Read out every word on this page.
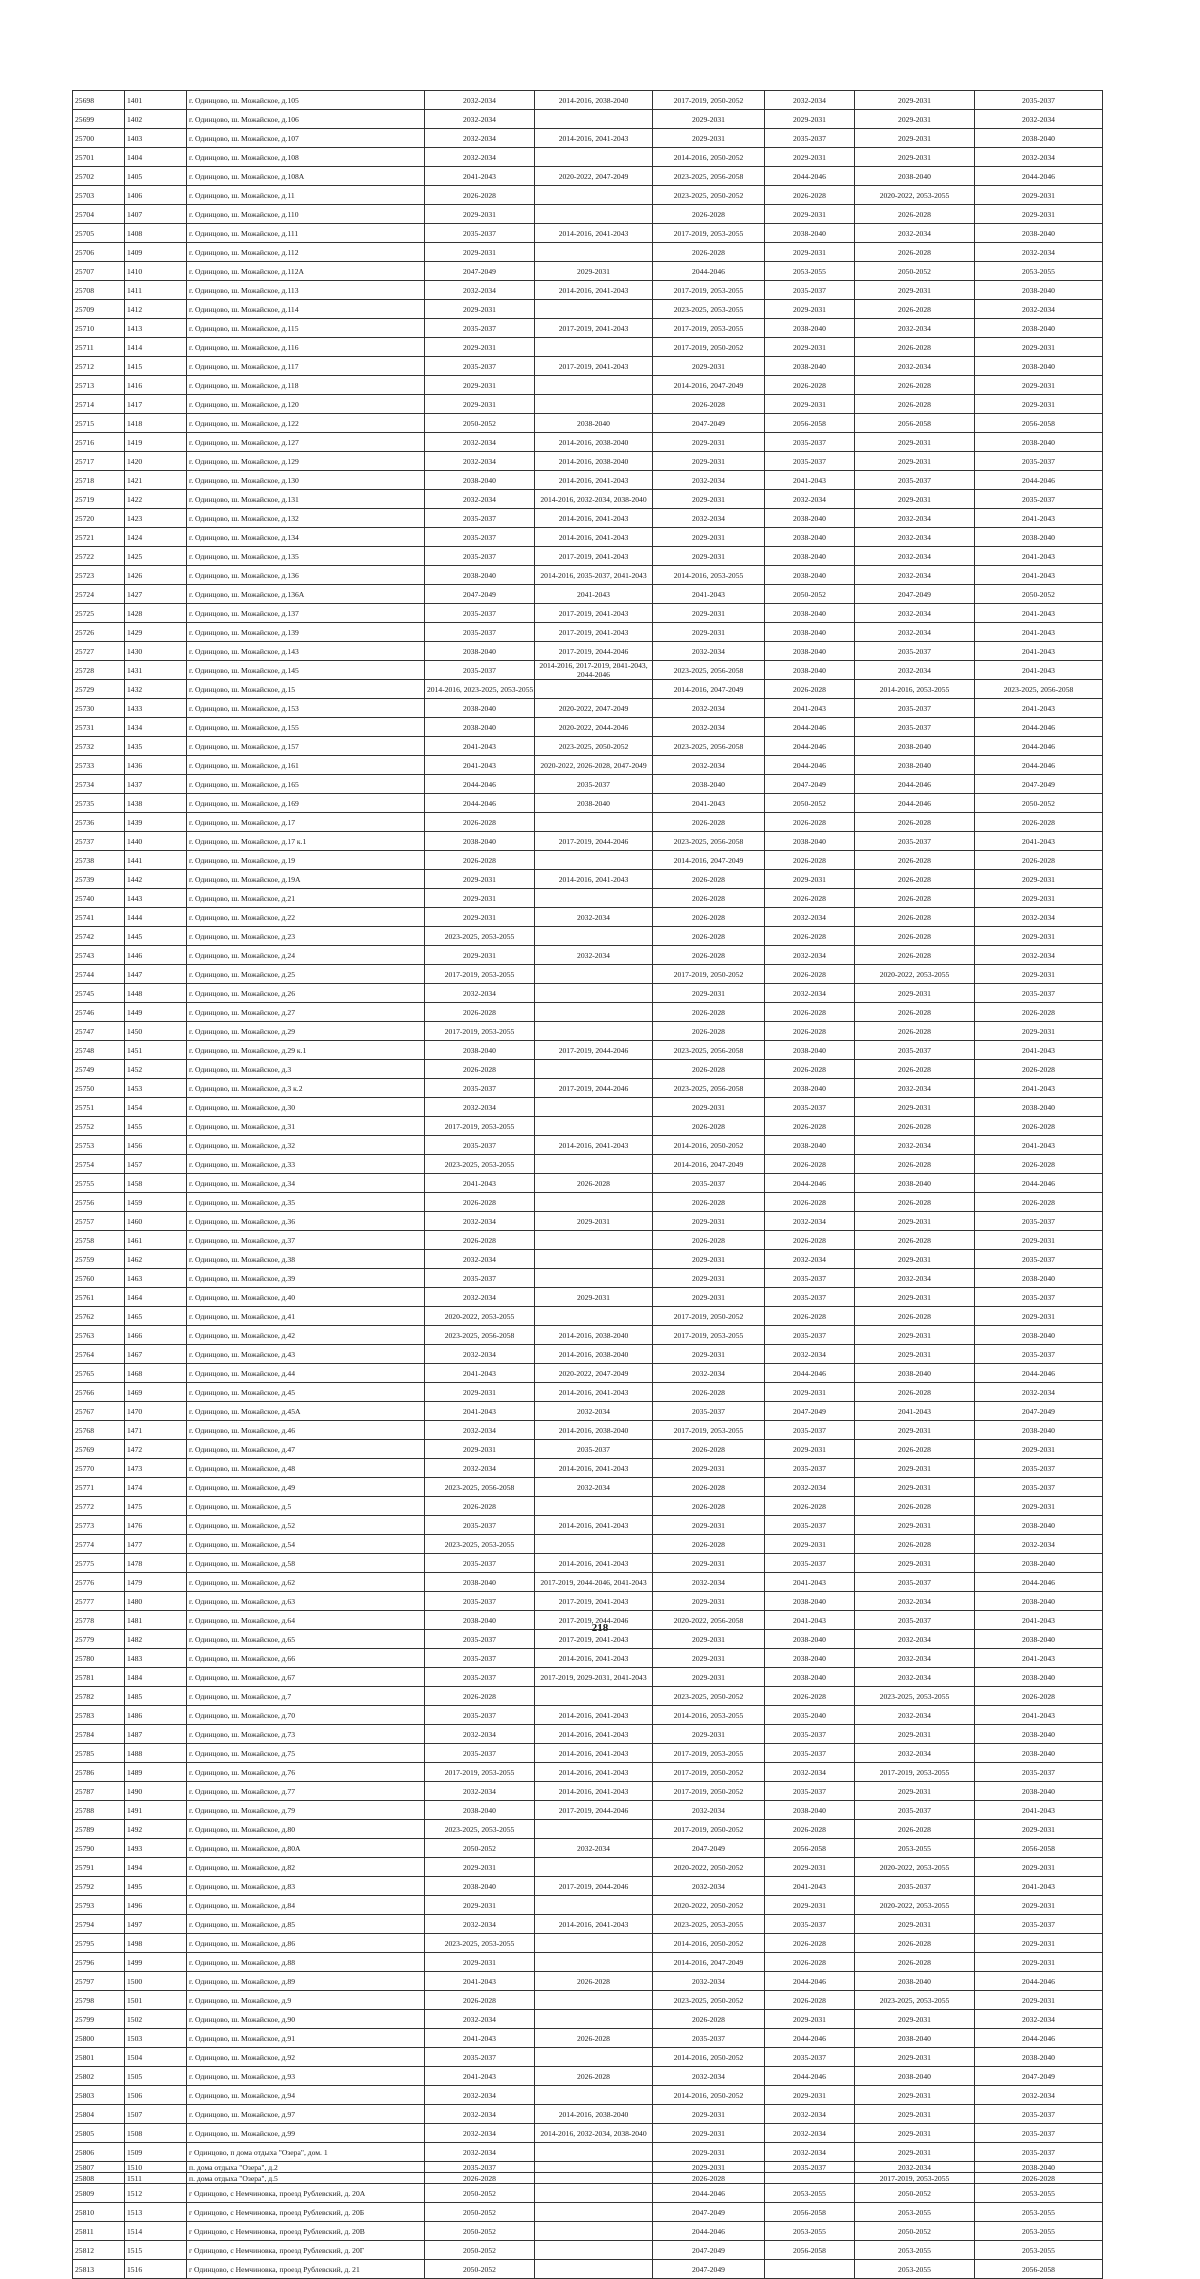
25698	1401	г. Одинцово, ш. Можайское, д.105	2032-2034	2014-2016, 2038-2040	2017-2019, 2050-2052	2032-2034	2029-2031	2035-2037
25699	1402	г. Одинцово, ш. Можайское, д.106	2032-2034		2029-2031	2029-2031	2029-2031	2032-2034
25700	1403	г. Одинцово, ш. Можайское, д.107	2032-2034	2014-2016, 2041-2043	2029-2031	2035-2037	2029-2031	2038-2040
25701	1404	г. Одинцово, ш. Можайское, д.108	2032-2034		2014-2016, 2050-2052	2029-2031	2029-2031	2032-2034
25702	1405	г. Одинцово, ш. Можайское, д.108А	2041-2043	2020-2022, 2047-2049	2023-2025, 2056-2058	2044-2046	2038-2040	2044-2046
25703	1406	г. Одинцово, ш. Можайское, д.11	2026-2028		2023-2025, 2050-2052	2026-2028	2020-2022, 2053-2055	2029-2031
25704	1407	г. Одинцово, ш. Можайское, д.110	2029-2031		2026-2028	2029-2031	2026-2028	2029-2031
25705	1408	г. Одинцово, ш. Можайское, д.111	2035-2037	2014-2016, 2041-2043	2017-2019, 2053-2055	2038-2040	2032-2034	2038-2040
25706	1409	г. Одинцово, ш. Можайское, д.112	2029-2031		2026-2028	2029-2031	2026-2028	2032-2034
25707	1410	г. Одинцово, ш. Можайское, д.112А	2047-2049	2029-2031	2044-2046	2053-2055	2050-2052	2053-2055
25708	1411	г. Одинцово, ш. Можайское, д.113	2032-2034	2014-2016, 2041-2043	2017-2019, 2053-2055	2035-2037	2029-2031	2038-2040
25709	1412	г. Одинцово, ш. Можайское, д.114	2029-2031		2023-2025, 2053-2055	2029-2031	2026-2028	2032-2034
25710	1413	г. Одинцово, ш. Можайское, д.115	2035-2037	2017-2019, 2041-2043	2017-2019, 2053-2055	2038-2040	2032-2034	2038-2040
25711	1414	г. Одинцово, ш. Можайское, д.116	2029-2031		2017-2019, 2050-2052	2029-2031	2026-2028	2029-2031
25712	1415	г. Одинцово, ш. Можайское, д.117	2035-2037	2017-2019, 2041-2043	2029-2031	2038-2040	2032-2034	2038-2040
25713	1416	г. Одинцово, ш. Можайское, д.118	2029-2031		2014-2016, 2047-2049	2026-2028	2026-2028	2029-2031
25714	1417	г. Одинцово, ш. Можайское, д.120	2029-2031		2026-2028	2029-2031	2026-2028	2029-2031
25715	1418	г. Одинцово, ш. Можайское, д.122	2050-2052	2038-2040	2047-2049	2056-2058	2056-2058	2056-2058
25716	1419	г. Одинцово, ш. Можайское, д.127	2032-2034	2014-2016, 2038-2040	2029-2031	2035-2037	2029-2031	2038-2040
25717	1420	г. Одинцово, ш. Можайское, д.129	2032-2034	2014-2016, 2038-2040	2029-2031	2035-2037	2029-2031	2035-2037
25718	1421	г. Одинцово, ш. Можайское, д.130	2038-2040	2014-2016, 2041-2043	2032-2034	2041-2043	2035-2037	2044-2046
25719	1422	г. Одинцово, ш. Можайское, д.131	2032-2034	2014-2016, 2032-2034, 2038-2040	2029-2031	2032-2034	2029-2031	2035-2037
25720	1423	г. Одинцово, ш. Можайское, д.132	2035-2037	2014-2016, 2041-2043	2032-2034	2038-2040	2032-2034	2041-2043
25721	1424	г. Одинцово, ш. Можайское, д.134	2035-2037	2014-2016, 2041-2043	2029-2031	2038-2040	2032-2034	2038-2040
25722	1425	г. Одинцово, ш. Можайское, д.135	2035-2037	2017-2019, 2041-2043	2029-2031	2038-2040	2032-2034	2041-2043
25723	1426	г. Одинцово, ш. Можайское, д.136	2038-2040	2014-2016, 2035-2037, 2041-2043	2014-2016, 2053-2055	2038-2040	2032-2034	2041-2043
25724	1427	г. Одинцово, ш. Можайское, д.136А	2047-2049	2041-2043	2041-2043	2050-2052	2047-2049	2050-2052
25725	1428	г. Одинцово, ш. Можайское, д.137	2035-2037	2017-2019, 2041-2043	2029-2031	2038-2040	2032-2034	2041-2043
25726	1429	г. Одинцово, ш. Можайское, д.139	2035-2037	2017-2019, 2041-2043	2029-2031	2038-2040	2032-2034	2041-2043
25727	1430	г. Одинцово, ш. Можайское, д.143	2038-2040	2017-2019, 2044-2046	2032-2034	2038-2040	2035-2037	2041-2043
25728	1431	г. Одинцово, ш. Можайское, д.145	2035-2037	2014-2016, 2017-2019, 2041-2043, 2044-2046	2023-2025, 2056-2058	2038-2040	2032-2034	2041-2043
25729	1432	г. Одинцово, ш. Можайское, д.15	2014-2016, 2023-2025, 2053-2055		2014-2016, 2047-2049	2026-2028	2014-2016, 2053-2055	2023-2025, 2056-2058
25730	1433	г. Одинцово, ш. Можайское, д.153	2038-2040	2020-2022, 2047-2049	2032-2034	2041-2043	2035-2037	2041-2043
25731	1434	г. Одинцово, ш. Можайское, д.155	2038-2040	2020-2022, 2044-2046	2032-2034	2044-2046	2035-2037	2044-2046
25732	1435	г. Одинцово, ш. Можайское, д.157	2041-2043	2023-2025, 2050-2052	2023-2025, 2056-2058	2044-2046	2038-2040	2044-2046
25733	1436	г. Одинцово, ш. Можайское, д.161	2041-2043	2020-2022, 2026-2028, 2047-2049	2032-2034	2044-2046	2038-2040	2044-2046
25734	1437	г. Одинцово, ш. Можайское, д.165	2044-2046	2035-2037	2038-2040	2047-2049	2044-2046	2047-2049
25735	1438	г. Одинцово, ш. Можайское, д.169	2044-2046	2038-2040	2041-2043	2050-2052	2044-2046	2050-2052
25736	1439	г. Одинцово, ш. Можайское, д.17	2026-2028		2026-2028	2026-2028	2026-2028	2026-2028
25737	1440	г. Одинцово, ш. Можайское, д.17 к.1	2038-2040	2017-2019, 2044-2046	2023-2025, 2056-2058	2038-2040	2035-2037	2041-2043
25738	1441	г. Одинцово, ш. Можайское, д.19	2026-2028		2014-2016, 2047-2049	2026-2028	2026-2028	2026-2028
25739	1442	г. Одинцово, ш. Можайское, д.19А	2029-2031	2014-2016, 2041-2043	2026-2028	2029-2031	2026-2028	2029-2031
25740	1443	г. Одинцово, ш. Можайское, д.21	2029-2031		2026-2028	2026-2028	2026-2028	2029-2031
25741	1444	г. Одинцово, ш. Можайское, д.22	2029-2031	2032-2034	2026-2028	2032-2034	2026-2028	2032-2034
25742	1445	г. Одинцово, ш. Можайское, д.23	2023-2025, 2053-2055		2026-2028	2026-2028	2026-2028	2029-2031
25743	1446	г. Одинцово, ш. Можайское, д.24	2029-2031	2032-2034	2026-2028	2032-2034	2026-2028	2032-2034
25744	1447	г. Одинцово, ш. Можайское, д.25	2017-2019, 2053-2055		2017-2019, 2050-2052	2026-2028	2020-2022, 2053-2055	2029-2031
25745	1448	г. Одинцово, ш. Можайское, д.26	2032-2034		2029-2031	2032-2034	2029-2031	2035-2037
25746	1449	г. Одинцово, ш. Можайское, д.27	2026-2028		2026-2028	2026-2028	2026-2028	2026-2028
25747	1450	г. Одинцово, ш. Можайское, д.29	2017-2019, 2053-2055		2026-2028	2026-2028	2026-2028	2029-2031
25748	1451	г. Одинцово, ш. Можайское, д.29 к.1	2038-2040	2017-2019, 2044-2046	2023-2025, 2056-2058	2038-2040	2035-2037	2041-2043
25749	1452	г. Одинцово, ш. Можайское, д.3	2026-2028		2026-2028	2026-2028	2026-2028	2026-2028
25750	1453	г. Одинцово, ш. Можайское, д.3 к.2	2035-2037	2017-2019, 2044-2046	2023-2025, 2056-2058	2038-2040	2032-2034	2041-2043
25751	1454	г. Одинцово, ш. Можайское, д.30	2032-2034		2029-2031	2035-2037	2029-2031	2038-2040
25752	1455	г. Одинцово, ш. Можайское, д.31	2017-2019, 2053-2055		2026-2028	2026-2028	2026-2028	2026-2028
25753	1456	г. Одинцово, ш. Можайское, д.32	2035-2037	2014-2016, 2041-2043	2014-2016, 2050-2052	2038-2040	2032-2034	2041-2043
25754	1457	г. Одинцово, ш. Можайское, д.33	2023-2025, 2053-2055		2014-2016, 2047-2049	2026-2028	2026-2028	2026-2028
25755	1458	г. Одинцово, ш. Можайское, д.34	2041-2043	2026-2028	2035-2037	2044-2046	2038-2040	2044-2046
25756	1459	г. Одинцово, ш. Можайское, д.35	2026-2028		2026-2028	2026-2028	2026-2028	2026-2028
25757	1460	г. Одинцово, ш. Можайское, д.36	2032-2034	2029-2031	2029-2031	2032-2034	2029-2031	2035-2037
25758	1461	г. Одинцово, ш. Можайское, д.37	2026-2028		2026-2028	2026-2028	2026-2028	2029-2031
25759	1462	г. Одинцово, ш. Можайское, д.38	2032-2034		2029-2031	2032-2034	2029-2031	2035-2037
25760	1463	г. Одинцово, ш. Можайское, д.39	2035-2037		2029-2031	2035-2037	2032-2034	2038-2040
25761	1464	г. Одинцово, ш. Можайское, д.40	2032-2034	2029-2031	2029-2031	2035-2037	2029-2031	2035-2037
25762	1465	г. Одинцово, ш. Можайское, д.41	2020-2022, 2053-2055		2017-2019, 2050-2052	2026-2028	2026-2028	2029-2031
25763	1466	г. Одинцово, ш. Можайское, д.42	2023-2025, 2056-2058	2014-2016, 2038-2040	2017-2019, 2053-2055	2035-2037	2029-2031	2038-2040
25764	1467	г. Одинцово, ш. Можайское, д.43	2032-2034	2014-2016, 2038-2040	2029-2031	2032-2034	2029-2031	2035-2037
25765	1468	г. Одинцово, ш. Можайское, д.44	2041-2043	2020-2022, 2047-2049	2032-2034	2044-2046	2038-2040	2044-2046
25766	1469	г. Одинцово, ш. Можайское, д.45	2029-2031	2014-2016, 2041-2043	2026-2028	2029-2031	2026-2028	2032-2034
25767	1470	г. Одинцово, ш. Можайское, д.45А	2041-2043	2032-2034	2035-2037	2047-2049	2041-2043	2047-2049
25768	1471	г. Одинцово, ш. Можайское, д.46	2032-2034	2014-2016, 2038-2040	2017-2019, 2053-2055	2035-2037	2029-2031	2038-2040
25769	1472	г. Одинцово, ш. Можайское, д.47	2029-2031	2035-2037	2026-2028	2029-2031	2026-2028	2029-2031
25770	1473	г. Одинцово, ш. Можайское, д.48	2032-2034	2014-2016, 2041-2043	2029-2031	2035-2037	2029-2031	2035-2037
25771	1474	г. Одинцово, ш. Можайское, д.49	2023-2025, 2056-2058	2032-2034	2026-2028	2032-2034	2029-2031	2035-2037
25772	1475	г. Одинцово, ш. Можайское, д.5	2026-2028		2026-2028	2026-2028	2026-2028	2029-2031
25773	1476	г. Одинцово, ш. Можайское, д.52	2035-2037	2014-2016, 2041-2043	2029-2031	2035-2037	2029-2031	2038-2040
25774	1477	г. Одинцово, ш. Можайское, д.54	2023-2025, 2053-2055		2026-2028	2029-2031	2026-2028	2032-2034
25775	1478	г. Одинцово, ш. Можайское, д.58	2035-2037	2014-2016, 2041-2043	2029-2031	2035-2037	2029-2031	2038-2040
25776	1479	г. Одинцово, ш. Можайское, д.62	2038-2040	2017-2019, 2044-2046, 2041-2043	2032-2034	2041-2043	2035-2037	2044-2046
25777	1480	г. Одинцово, ш. Можайское, д.63	2035-2037	2017-2019, 2041-2043	2029-2031	2038-2040	2032-2034	2038-2040
25778	1481	г. Одинцово, ш. Можайское, д.64	2038-2040	2017-2019, 2044-2046	2020-2022, 2056-2058	2041-2043	2035-2037	2041-2043
25779	1482	г. Одинцово, ш. Можайское, д.65	2035-2037	2017-2019, 2041-2043	2029-2031	2038-2040	2032-2034	2038-2040
25780	1483	г. Одинцово, ш. Можайское, д.66	2035-2037	2014-2016, 2041-2043	2029-2031	2038-2040	2032-2034	2041-2043
25781	1484	г. Одинцово, ш. Можайское, д.67	2035-2037	2017-2019, 2029-2031, 2041-2043	2029-2031	2038-2040	2032-2034	2038-2040
25782	1485	г. Одинцово, ш. Можайское, д.7	2026-2028		2023-2025, 2050-2052	2026-2028	2023-2025, 2053-2055	2026-2028
25783	1486	г. Одинцово, ш. Можайское, д.70	2035-2037	2014-2016, 2041-2043	2014-2016, 2053-2055	2035-2040	2032-2034	2041-2043
25784	1487	г. Одинцово, ш. Можайское, д.73	2032-2034	2014-2016, 2041-2043	2029-2031	2035-2037	2029-2031	2038-2040
25785	1488	г. Одинцово, ш. Можайское, д.75	2035-2037	2014-2016, 2041-2043	2017-2019, 2053-2055	2035-2037	2032-2034	2038-2040
25786	1489	г. Одинцово, ш. Можайское, д.76	2017-2019, 2053-2055	2014-2016, 2041-2043	2017-2019, 2050-2052	2032-2034	2017-2019, 2053-2055	2035-2037
25787	1490	г. Одинцово, ш. Можайское, д.77	2032-2034	2014-2016, 2041-2043	2017-2019, 2050-2052	2035-2037	2029-2031	2038-2040
25788	1491	г. Одинцово, ш. Можайское, д.79	2038-2040	2017-2019, 2044-2046	2032-2034	2038-2040	2035-2037	2041-2043
25789	1492	г. Одинцово, ш. Можайское, д.80	2023-2025, 2053-2055		2017-2019, 2050-2052	2026-2028	2026-2028	2029-2031
25790	1493	г. Одинцово, ш. Можайское, д.80А	2050-2052	2032-2034	2047-2049	2056-2058	2053-2055	2056-2058
25791	1494	г. Одинцово, ш. Можайское, д.82	2029-2031		2020-2022, 2050-2052	2029-2031	2020-2022, 2053-2055	2029-2031
25792	1495	г. Одинцово, ш. Можайское, д.83	2038-2040	2017-2019, 2044-2046	2032-2034	2041-2043	2035-2037	2041-2043
25793	1496	г. Одинцово, ш. Можайское, д.84	2029-2031		2020-2022, 2050-2052	2029-2031	2020-2022, 2053-2055	2029-2031
25794	1497	г. Одинцово, ш. Можайское, д.85	2032-2034	2014-2016, 2041-2043	2023-2025, 2053-2055	2035-2037	2029-2031	2035-2037
25795	1498	г. Одинцово, ш. Можайское, д.86	2023-2025, 2053-2055		2014-2016, 2050-2052	2026-2028	2026-2028	2029-2031
25796	1499	г. Одинцово, ш. Можайское, д.88	2029-2031		2014-2016, 2047-2049	2026-2028	2026-2028	2029-2031
25797	1500	г. Одинцово, ш. Можайское, д.89	2041-2043	2026-2028	2032-2034	2044-2046	2038-2040	2044-2046
25798	1501	г. Одинцово, ш. Можайское, д.9	2026-2028		2023-2025, 2050-2052	2026-2028	2023-2025, 2053-2055	2029-2031
25799	1502	г. Одинцово, ш. Можайское, д.90	2032-2034		2026-2028	2029-2031	2029-2031	2032-2034
25800	1503	г. Одинцово, ш. Можайское, д.91	2041-2043	2026-2028	2035-2037	2044-2046	2038-2040	2044-2046
25801	1504	г. Одинцово, ш. Можайское, д.92	2035-2037		2014-2016, 2050-2052	2035-2037	2029-2031	2038-2040
25802	1505	г. Одинцово, ш. Можайское, д.93	2041-2043	2026-2028	2032-2034	2044-2046	2038-2040	2047-2049
25803	1506	г. Одинцово, ш. Можайское, д.94	2032-2034		2014-2016, 2050-2052	2029-2031	2029-2031	2032-2034
25804	1507	г. Одинцово, ш. Можайское, д.97	2032-2034	2014-2016, 2038-2040	2029-2031	2032-2034	2029-2031	2035-2037
25805	1508	г. Одинцово, ш. Можайское, д.99	2032-2034	2014-2016, 2032-2034, 2038-2040	2029-2031	2032-2034	2029-2031	2035-2037
25806	1509	г Одинцово, п дома отдыха "Озера", дом. 1	2032-2034		2029-2031	2032-2034	2029-2031	2035-2037
25807	1510	п. дома отдыха "Озера", д.2	2035-2037		2029-2031	2035-2037	2032-2034	2038-2040
25808	1511	п. дома отдыха "Озера", д.5	2026-2028		2026-2028		2017-2019, 2053-2055	2026-2028
25809	1512	г Одинцово, с Немчиновка, проезд Рублевский, д. 20А	2050-2052		2044-2046	2053-2055	2050-2052	2053-2055
25810	1513	г Одинцово, с Немчиновка, проезд Рублевский, д. 20Б	2050-2052		2047-2049	2056-2058	2053-2055	2053-2055
25811	1514	г Одинцово, с Немчиновка, проезд Рублевский, д. 20В	2050-2052		2044-2046	2053-2055	2050-2052	2053-2055
25812	1515	г Одинцово, с Немчиновка, проезд Рублевский, д. 20Г	2050-2052		2047-2049	2056-2058	2053-2055	2053-2055
25813	1516	г Одинцово, с Немчиновка, проезд Рублевский, д. 21	2050-2052		2047-2049		2053-2055	2056-2058
218
